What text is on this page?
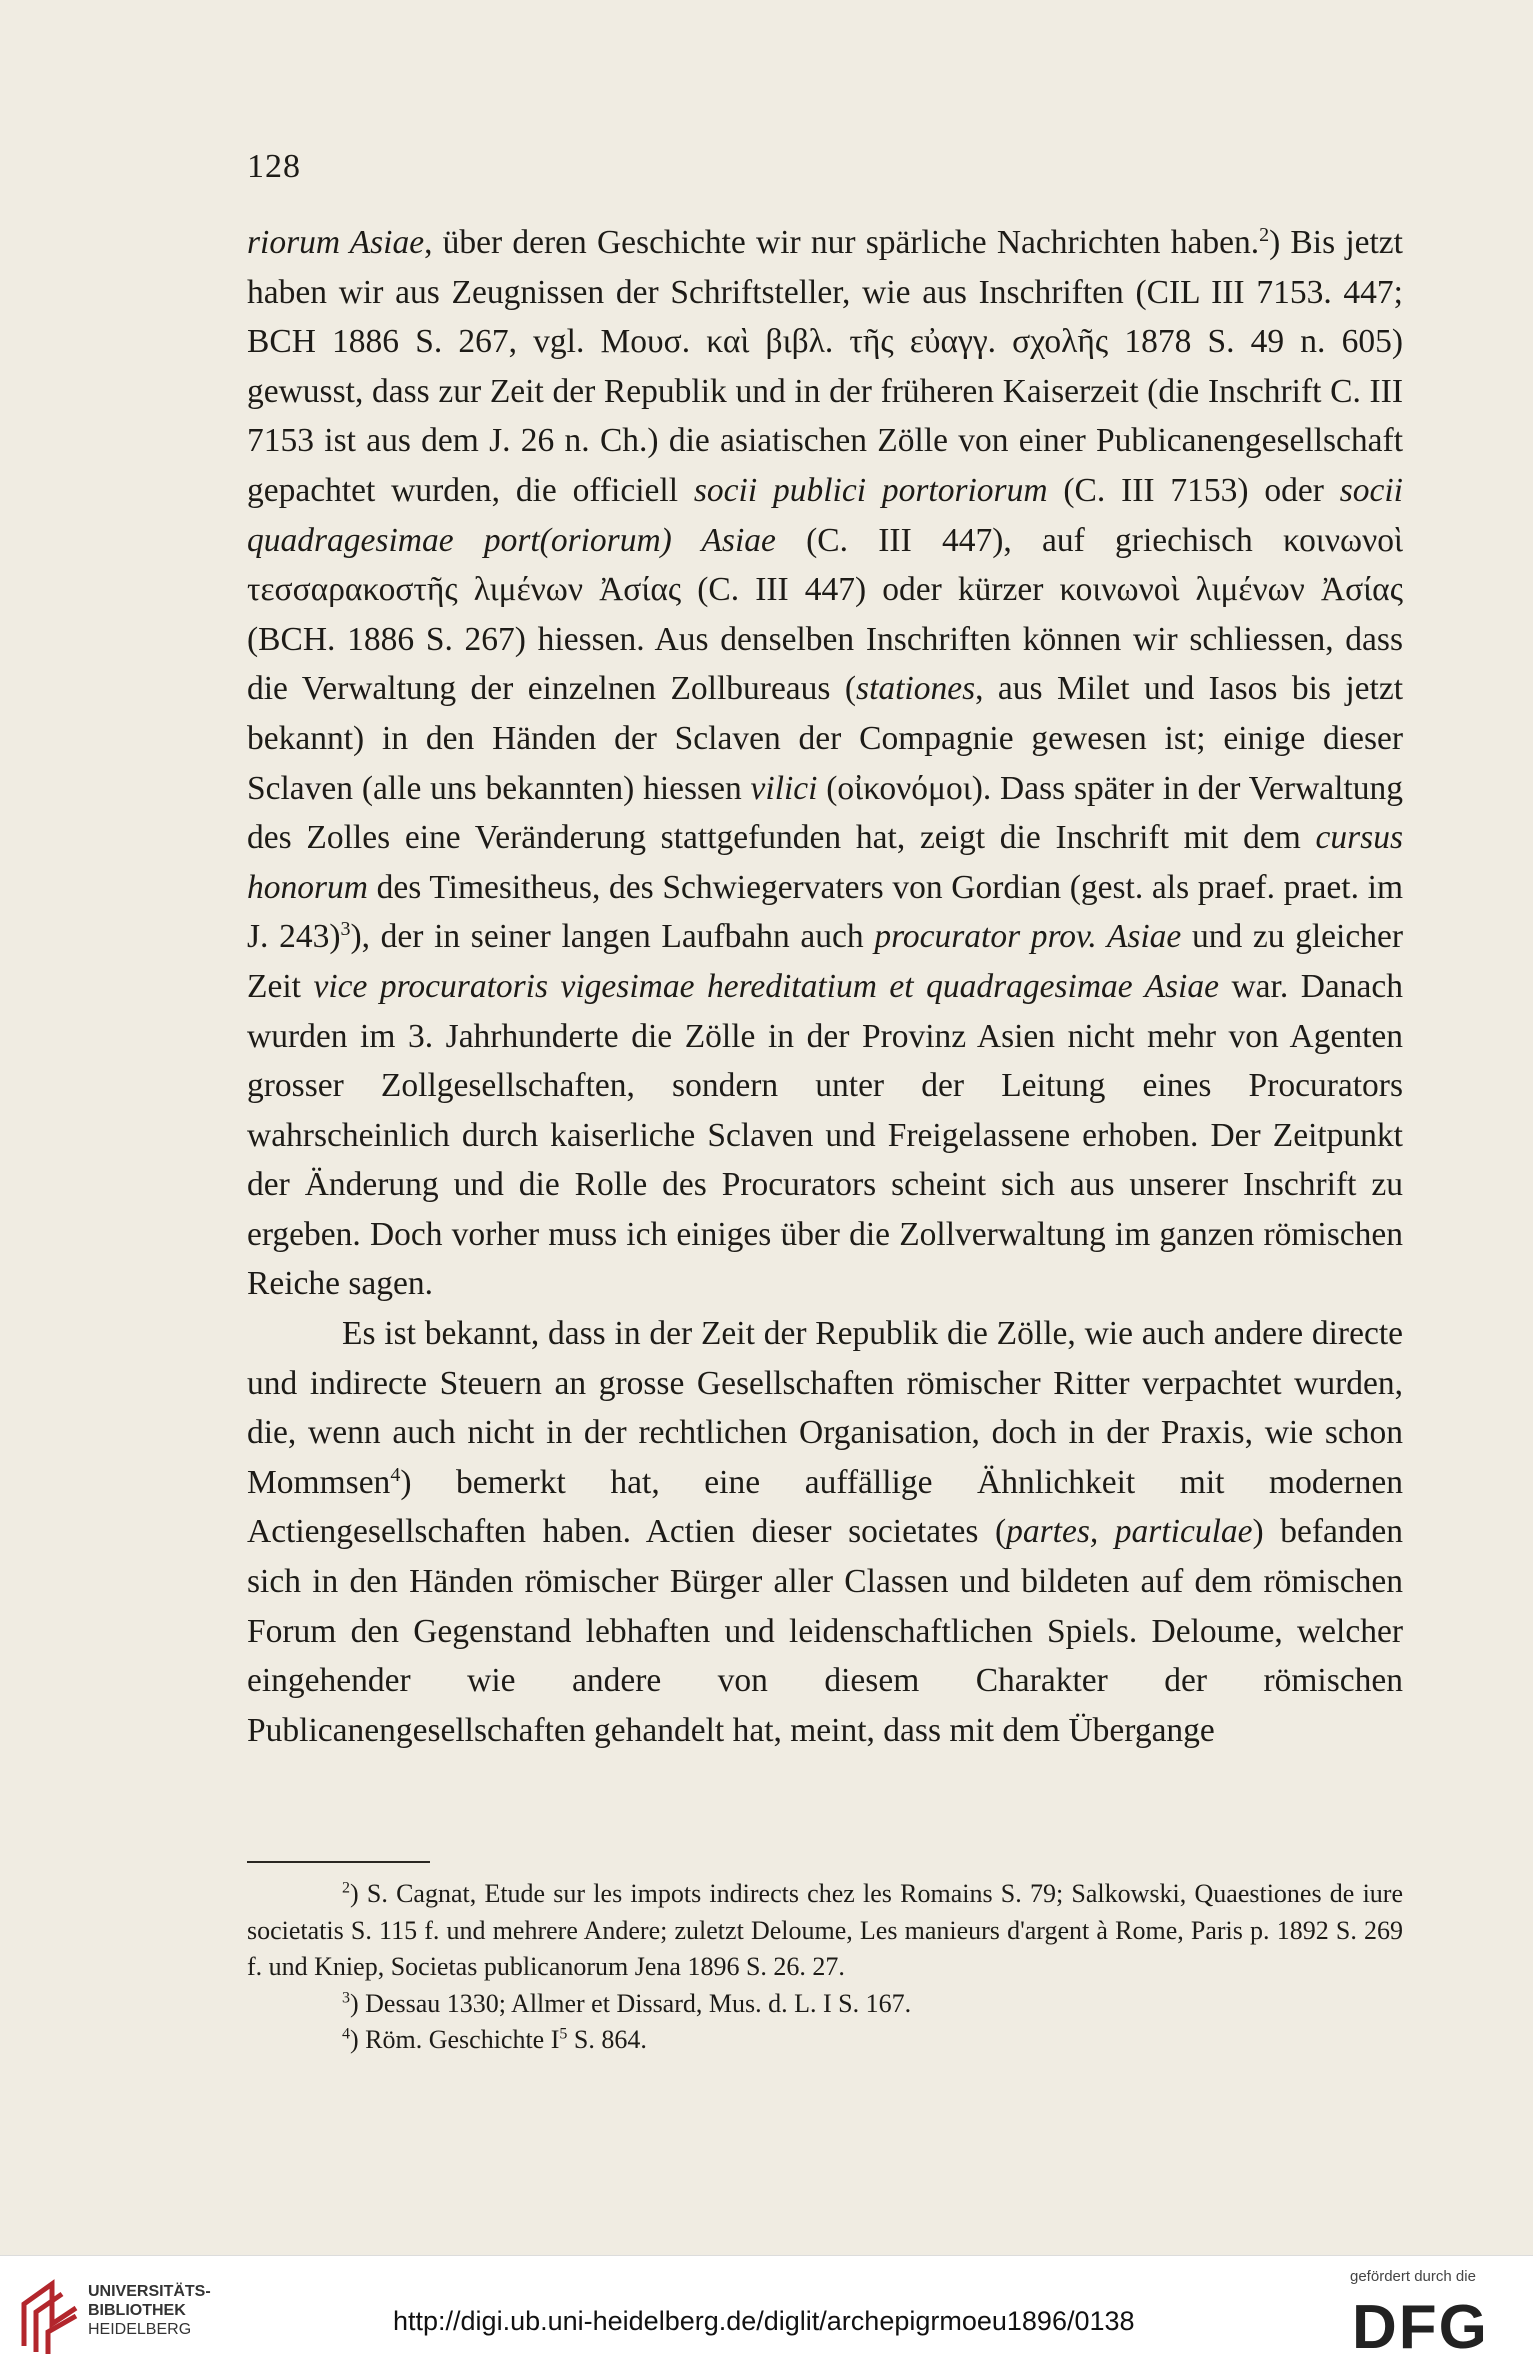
128

riorum Asiae, über deren Geschichte wir nur spärliche Nachrichten haben.$^2$) Bis jetzt haben wir aus Zeugnissen der Schriftsteller, wie aus Inschriften (CIL III 7153. 447; BCH 1886 S. 267, vgl. Μουσ. καὶ βιβλ. τῆς εὐαγγ. σχολῆς 1878 S. 49 n. 605) gewusst, dass zur Zeit der Republik und in der früheren Kaiserzeit (die Inschrift C. III 7153 ist aus dem J. 26 n. Ch.) die asiatischen Zölle von einer Publicanengesellschaft gepachtet wurden, die officiell socii publici portoriorum (C. III 7153) oder socii quadragesimae port(oriorum) Asiae (C. III 447), auf griechisch κοινωνοὶ τεσσαρακοστῆς λιμένων Ἀσίας (C. III 447) oder kürzer κοινωνοὶ λιμένων Ἀσίας (BCH. 1886 S. 267) hiessen. Aus denselben Inschriften können wir schliessen, dass die Verwaltung der einzelnen Zollbureaus (stationes, aus Milet und Iasos bis jetzt bekannt) in den Händen der Sclaven der Compagnie gewesen ist; einige dieser Sclaven (alle uns bekannten) hiessen vilici (οἰκονόμοι). Dass später in der Verwaltung des Zolles eine Veränderung stattgefunden hat, zeigt die Inschrift mit dem cursus honorum des Timesitheus, des Schwiegervaters von Gordian (gest. als praef. praet. im J. 243)$^3$), der in seiner langen Laufbahn auch procurator prov. Asiae und zu gleicher Zeit vice procuratoris vigesimae hereditatium et quadragesimae Asiae war. Danach wurden im 3. Jahrhunderte die Zölle in der Provinz Asien nicht mehr von Agenten grosser Zollgesellschaften, sondern unter der Leitung eines Procurators wahrscheinlich durch kaiserliche Sclaven und Freigelassene erhoben. Der Zeitpunkt der Änderung und die Rolle des Procurators scheint sich aus unserer Inschrift zu ergeben. Doch vorher muss ich einiges über die Zollverwaltung im ganzen römischen Reiche sagen.

Es ist bekannt, dass in der Zeit der Republik die Zölle, wie auch andere directe und indirecte Steuern an grosse Gesellschaften römischer Ritter verpachtet wurden, die, wenn auch nicht in der rechtlichen Organisation, doch in der Praxis, wie schon Mommsen$^4$) bemerkt hat, eine auffällige Ähnlichkeit mit modernen Actiengesellschaften haben. Actien dieser societates (partes, particulae) befanden sich in den Händen römischer Bürger aller Classen und bildeten auf dem römischen Forum den Gegenstand lebhaften und leidenschaftlichen Spiels. Deloume, welcher eingehender wie andere von diesem Charakter der römischen Publicanengesellschaften gehandelt hat, meint, dass mit dem Übergange

$^2$) S. Cagnat, Etude sur les impots indirects chez les Romains S. 79; Salkowski, Quaestiones de iure societatis S. 115 f. und mehrere Andere; zuletzt Deloume, Les manieurs d'argent à Rome, Paris p. 1892 S. 269 f. und Kniep, Societas publicanorum Jena 1896 S. 26. 27.

$^3$) Dessau 1330; Allmer et Dissard, Mus. d. L. I S. 167.

$^4$) Röm. Geschichte $I^5$ S. 864.

UNIVERSITÄTS-
BIBLIOTHEK
HEIDELBERG	http://digi.ub.uni-heidelberg.de/diglit/archepigrmoeu1896/0138
gefördert durch die
DFG
